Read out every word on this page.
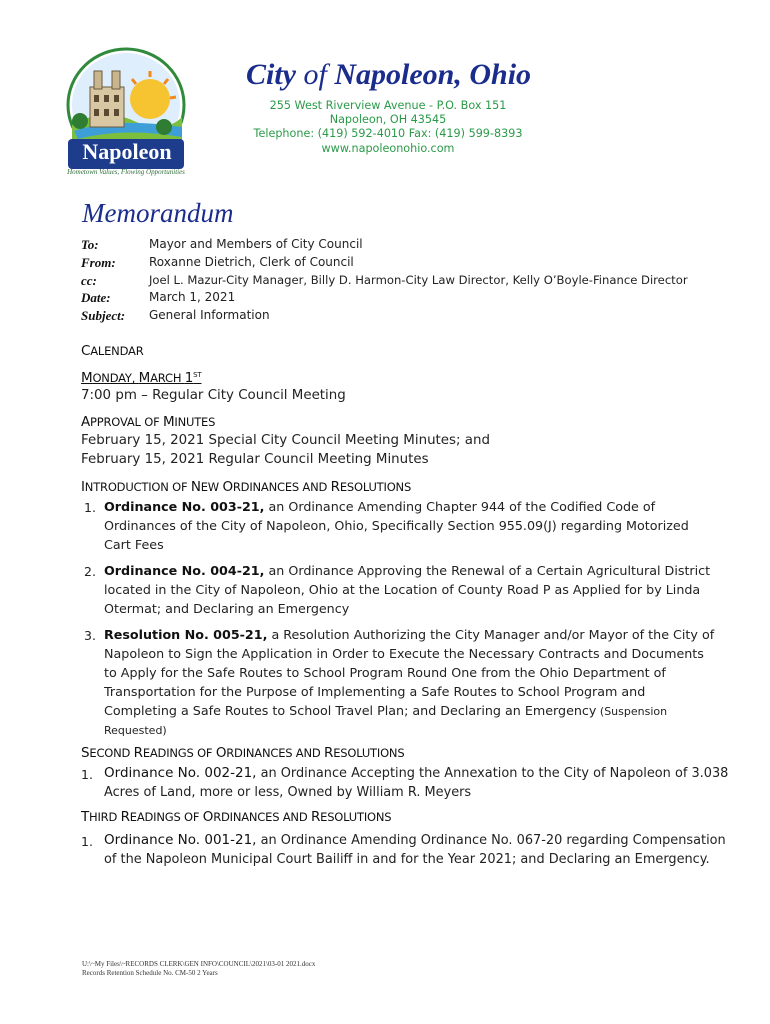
Napoleon
Hometown Values, Flowing Opportunities
City of Napoleon, Ohio
255 West Riverview Avenue - P.O. Box 151
Napoleon, OH 43545
Telephone: (419) 592-4010 Fax: (419) 599-8393
www.napoleonohio.com
Memorandum
To:	Mayor and Members of City Council
From:	Roxanne Dietrich, Clerk of Council
cc:	Joel L. Mazur-City Manager, Billy D. Harmon-City Law Director, Kelly O’Boyle-Finance Director
Date:	March 1, 2021
Subject: General Information
CALENDAR
MONDAY, MARCH 1ST
7:00 pm – Regular City Council Meeting
APPROVAL OF MINUTES
February 15, 2021 Special City Council Meeting Minutes; and
February 15, 2021 Regular Council Meeting Minutes
INTRODUCTION OF NEW ORDINANCES AND RESOLUTIONS
1. Ordinance No. 003-21, an Ordinance Amending Chapter 944 of the Codified Code of
Ordinances of the City of Napoleon, Ohio, Specifically Section 955.09(J) regarding Motorized
Cart Fees
2. Ordinance No. 004-21, an Ordinance Approving the Renewal of a Certain Agricultural District
located in the City of Napoleon, Ohio at the Location of County Road P as Applied for by Linda
Otermat; and Declaring an Emergency
3. Resolution No. 005-21, a Resolution Authorizing the City Manager and/or Mayor of the City of
Napoleon to Sign the Application in Order to Execute the Necessary Contracts and Documents
to Apply for the Safe Routes to School Program Round One from the Ohio Department of
Transportation for the Purpose of Implementing a Safe Routes to School Program and
Completing a Safe Routes to School Travel Plan; and Declaring an Emergency (Suspension
Requested)
SECOND READINGS OF ORDINANCES AND RESOLUTIONS
1. Ordinance No. 002-21, an Ordinance Accepting the Annexation to the City of Napoleon of 3.038
Acres of Land, more or less, Owned by William R. Meyers
THIRD READINGS OF ORDINANCES AND RESOLUTIONS
1. Ordinance No. 001-21, an Ordinance Amending Ordinance No. 067-20 regarding Compensation
of the Napoleon Municipal Court Bailiff in and for the Year 2021; and Declaring an Emergency.
U:\~My Files\~RECORDS CLERK\GEN INFO\COUNCIL\2021\03-01 2021.docx
Records Retention Schedule No. CM-50 2 Years
